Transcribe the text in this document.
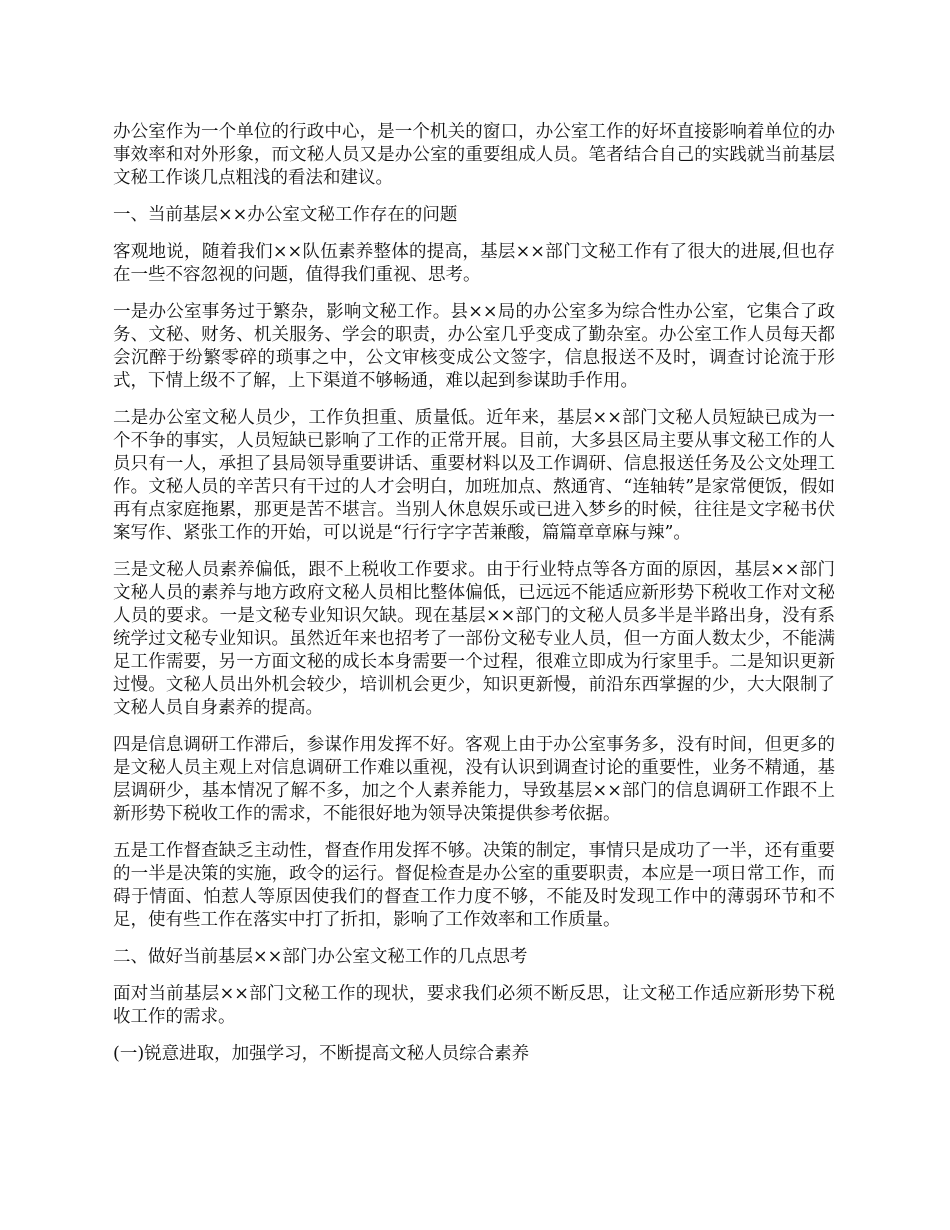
办公室作为一个单位的行政中心，是一个机关的窗口，办公室工作的好坏直接影响着单位的办事效率和对外形象，而文秘人员又是办公室的重要组成人员。笔者结合自己的实践就当前基层文秘工作谈几点粗浅的看法和建议。

一、当前基层××办公室文秘工作存在的问题

客观地说，随着我们××队伍素养整体的提高，基层××部门文秘工作有了很大的进展,但也存在一些不容忽视的问题，值得我们重视、思考。

一是办公室事务过于繁杂，影响文秘工作。县××局的办公室多为综合性办公室，它集合了政务、文秘、财务、机关服务、学会的职责，办公室几乎变成了勤杂室。办公室工作人员每天都会沉醉于纷繁零碎的琐事之中，公文审核变成公文签字，信息报送不及时，调查讨论流于形式，下情上级不了解，上下渠道不够畅通，难以起到参谋助手作用。

二是办公室文秘人员少，工作负担重、质量低。近年来，基层××部门文秘人员短缺已成为一个不争的事实，人员短缺已影响了工作的正常开展。目前，大多县区局主要从事文秘工作的人员只有一人，承担了县局领导重要讲话、重要材料以及工作调研、信息报送任务及公文处理工作。文秘人员的辛苦只有干过的人才会明白，加班加点、熬通宵、“连轴转”是家常便饭，假如再有点家庭拖累，那更是苦不堪言。当别人休息娱乐或已进入梦乡的时候，往往是文字秘书伏案写作、紧张工作的开始，可以说是“行行字字苦兼酸，篇篇章章麻与辣”。

三是文秘人员素养偏低，跟不上税收工作要求。由于行业特点等各方面的原因，基层××部门文秘人员的素养与地方政府文秘人员相比整体偏低，已远远不能适应新形势下税收工作对文秘人员的要求。一是文秘专业知识欠缺。现在基层××部门的文秘人员多半是半路出身，没有系统学过文秘专业知识。虽然近年来也招考了一部份文秘专业人员，但一方面人数太少，不能满足工作需要，另一方面文秘的成长本身需要一个过程，很难立即成为行家里手。二是知识更新过慢。文秘人员出外机会较少，培训机会更少，知识更新慢，前沿东西掌握的少，大大限制了文秘人员自身素养的提高。

四是信息调研工作滞后，参谋作用发挥不好。客观上由于办公室事务多，没有时间，但更多的是文秘人员主观上对信息调研工作难以重视，没有认识到调查讨论的重要性，业务不精通，基层调研少，基本情况了解不多，加之个人素养能力，导致基层××部门的信息调研工作跟不上新形势下税收工作的需求，不能很好地为领导决策提供参考依据。

五是工作督查缺乏主动性，督查作用发挥不够。决策的制定，事情只是成功了一半，还有重要的一半是决策的实施，政令的运行。督促检查是办公室的重要职责，本应是一项日常工作，而碍于情面、怕惹人等原因使我们的督查工作力度不够，不能及时发现工作中的薄弱环节和不足，使有些工作在落实中打了折扣，影响了工作效率和工作质量。

二、做好当前基层××部门办公室文秘工作的几点思考

面对当前基层××部门文秘工作的现状，要求我们必须不断反思，让文秘工作适应新形势下税收工作的需求。

(一)锐意进取，加强学习，不断提高文秘人员综合素养
